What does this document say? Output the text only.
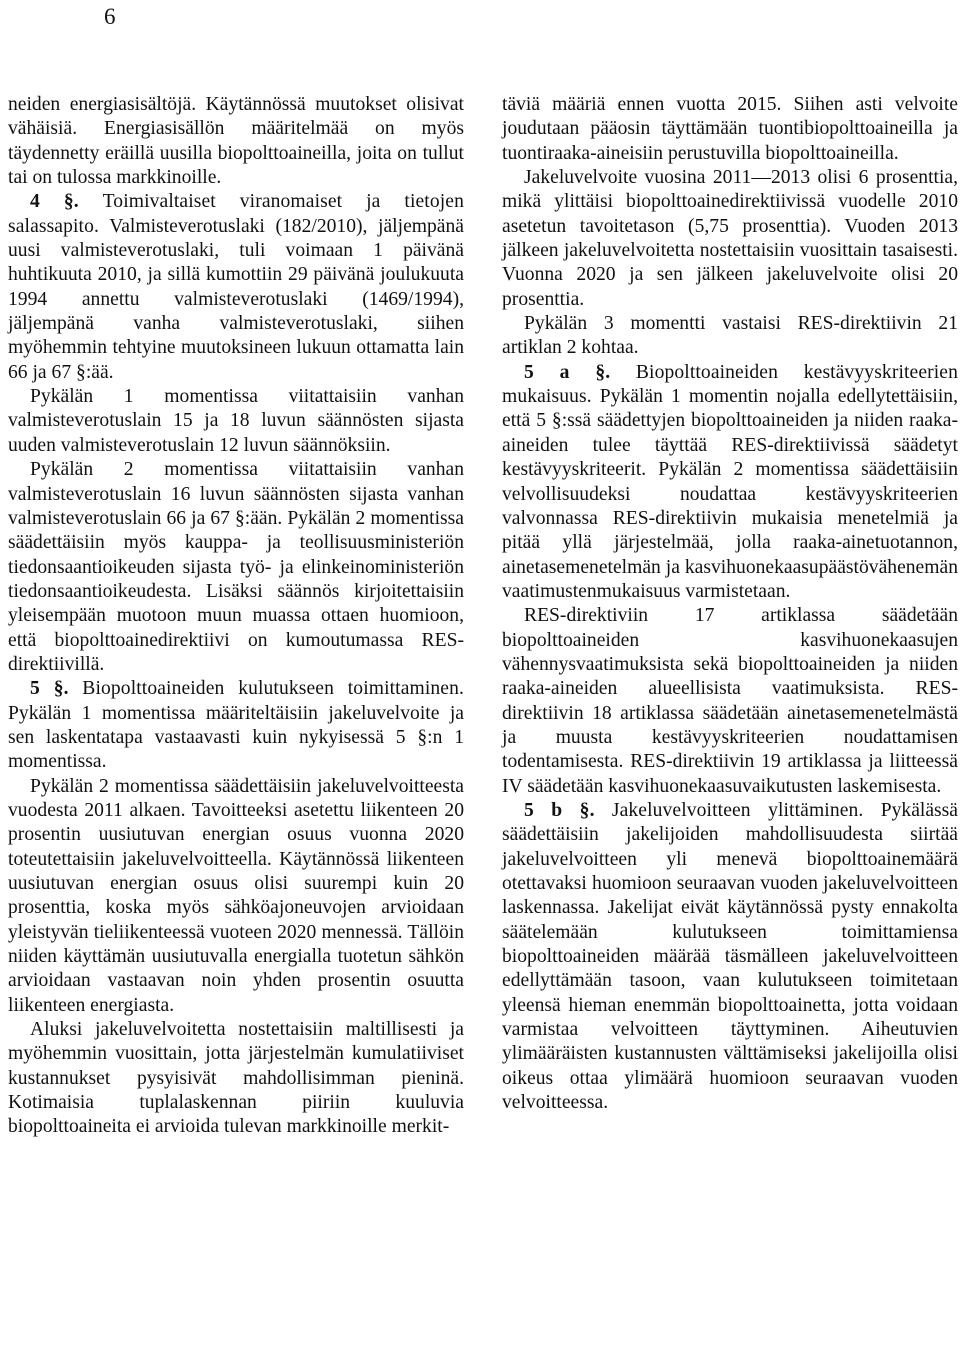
6

neiden energiasisältöjä. Käytännössä muutokset olisivat vähäisiä. Energiasisällön määritelmää on myös täydennetty eräillä uusilla biopolttoaineilla, joita on tullut tai on tulossa markkinoille.

4 §. Toimivaltaiset viranomaiset ja tietojen salassapito. Valmisteverotuslaki (182/2010), jäljempänä uusi valmisteverotuslaki, tuli voimaan 1 päivänä huhtikuuta 2010, ja sillä kumottiin 29 päivänä joulukuuta 1994 annettu valmisteverotuslaki (1469/1994), jäljempänä vanha valmisteverotuslaki, siihen myöhemmin tehtyine muutoksineen lukuun ottamatta lain 66 ja 67 §:ää.

Pykälän 1 momentissa viitattaisiin vanhan valmisteverotuslain 15 ja 18 luvun säännösten sijasta uuden valmisteverotuslain 12 luvun säännöksiin.

Pykälän 2 momentissa viitattaisiin vanhan valmisteverotuslain 16 luvun säännösten sijasta vanhan valmisteverotuslain 66 ja 67 §:ään. Pykälän 2 momentissa säädettäisiin myös kauppa- ja teollisuusministeriön tiedonsaantioikeuden sijasta työ- ja elinkeinoministeriön tiedonsaantioikeudesta. Lisäksi säännös kirjoitettaisiin yleisempään muotoon muun muassa ottaen huomioon, että biopolttoainedirektiivi on kumoutumassa RES-direktiivillä.

5 §. Biopolttoaineiden kulutukseen toimittaminen. Pykälän 1 momentissa määriteltäisiin jakeluvelvoite ja sen laskentatapa vastaavasti kuin nykyisessä 5 §:n 1 momentissa.

Pykälän 2 momentissa säädettäisiin jakeluvelvoitteesta vuodesta 2011 alkaen. Tavoitteeksi asetettu liikenteen 20 prosentin uusiutuvan energian osuus vuonna 2020 toteutettaisiin jakeluvelvoitteella. Käytännössä liikenteen uusiutuvan energian osuus olisi suurempi kuin 20 prosenttia, koska myös sähköajoneuvojen arvioidaan yleistyvän tieliikenteessä vuoteen 2020 mennessä. Tällöin niiden käyttämän uusiutuvalla energialla tuotetun sähkön arvioidaan vastaavan noin yhden prosentin osuutta liikenteen energiasta.

Aluksi jakeluvelvoitetta nostettaisiin maltillisesti ja myöhemmin vuosittain, jotta järjestelmän kumulatiiviset kustannukset pysyisivät mahdollisimman pieninä. Kotimaisia tuplalaskennan piiriin kuuluvia biopolttoaineita ei arvioida tulevan markkinoille merkit-

täviä määriä ennen vuotta 2015. Siihen asti velvoite joudutaan pääosin täyttämään tuontibiopolttoaineilla ja tuontiraaka-aineisiin perustuvilla biopolttoaineilla.

Jakeluvelvoite vuosina 2011—2013 olisi 6 prosenttia, mikä ylittäisi biopolttoainedirektiivissä vuodelle 2010 asetetun tavoitetason (5,75 prosenttia). Vuoden 2013 jälkeen jakeluvelvoitetta nostettaisiin vuosittain tasaisesti. Vuonna 2020 ja sen jälkeen jakeluvelvoite olisi 20 prosenttia.

Pykälän 3 momentti vastaisi RES-direktiivin 21 artiklan 2 kohtaa.

5 a §. Biopolttoaineiden kestävyyskriteerien mukaisuus. Pykälän 1 momentin nojalla edellytettäisiin, että 5 §:ssä säädettyjen biopolttoaineiden ja niiden raaka-aineiden tulee täyttää RES-direktiivissä säädetyt kestävyyskriteerit. Pykälän 2 momentissa säädettäisiin velvollisuudeksi noudattaa kestävyyskriteerien valvonnassa RES-direktiivin mukaisia menetelmiä ja pitää yllä järjestelmää, jolla raaka-ainetuotannon, ainetasemenetelmän ja kasvihuonekaasupäästövähenemän vaatimustenmukaisuus varmistetaan.

RES-direktiviin 17 artiklassa säädetään biopolttoaineiden kasvihuonekaasujen vähennysvaatimuksista sekä biopolttoaineiden ja niiden raaka-aineiden alueellisista vaatimuksista. RES-direktiivin 18 artiklassa säädetään ainetasemenetelmästä ja muusta kestävyyskriteerien noudattamisen todentamisesta. RES-direktiivin 19 artiklassa ja liitteessä IV säädetään kasvihuonekaasuvaikutusten laskemisesta.

5 b §. Jakeluvelvoitteen ylittäminen. Pykälässä säädettäisiin jakelijoiden mahdollisuudesta siirtää jakeluvelvoitteen yli menevä biopolttoainemäärä otettavaksi huomioon seuraavan vuoden jakeluvelvoitteen laskennassa. Jakelijat eivät käytännössä pysty ennakolta säätelemään kulutukseen toimittamiensa biopolttoaineiden määrää täsmälleen jakeluvelvoitteen edellyttämään tasoon, vaan kulutukseen toimitetaan yleensä hieman enemmän biopolttoainetta, jotta voidaan varmistaa velvoitteen täyttyminen. Aiheutuvien ylimääräisten kustannusten välttämiseksi jakelijoilla olisi oikeus ottaa ylimäärä huomioon seuraavan vuoden velvoitteessa.
